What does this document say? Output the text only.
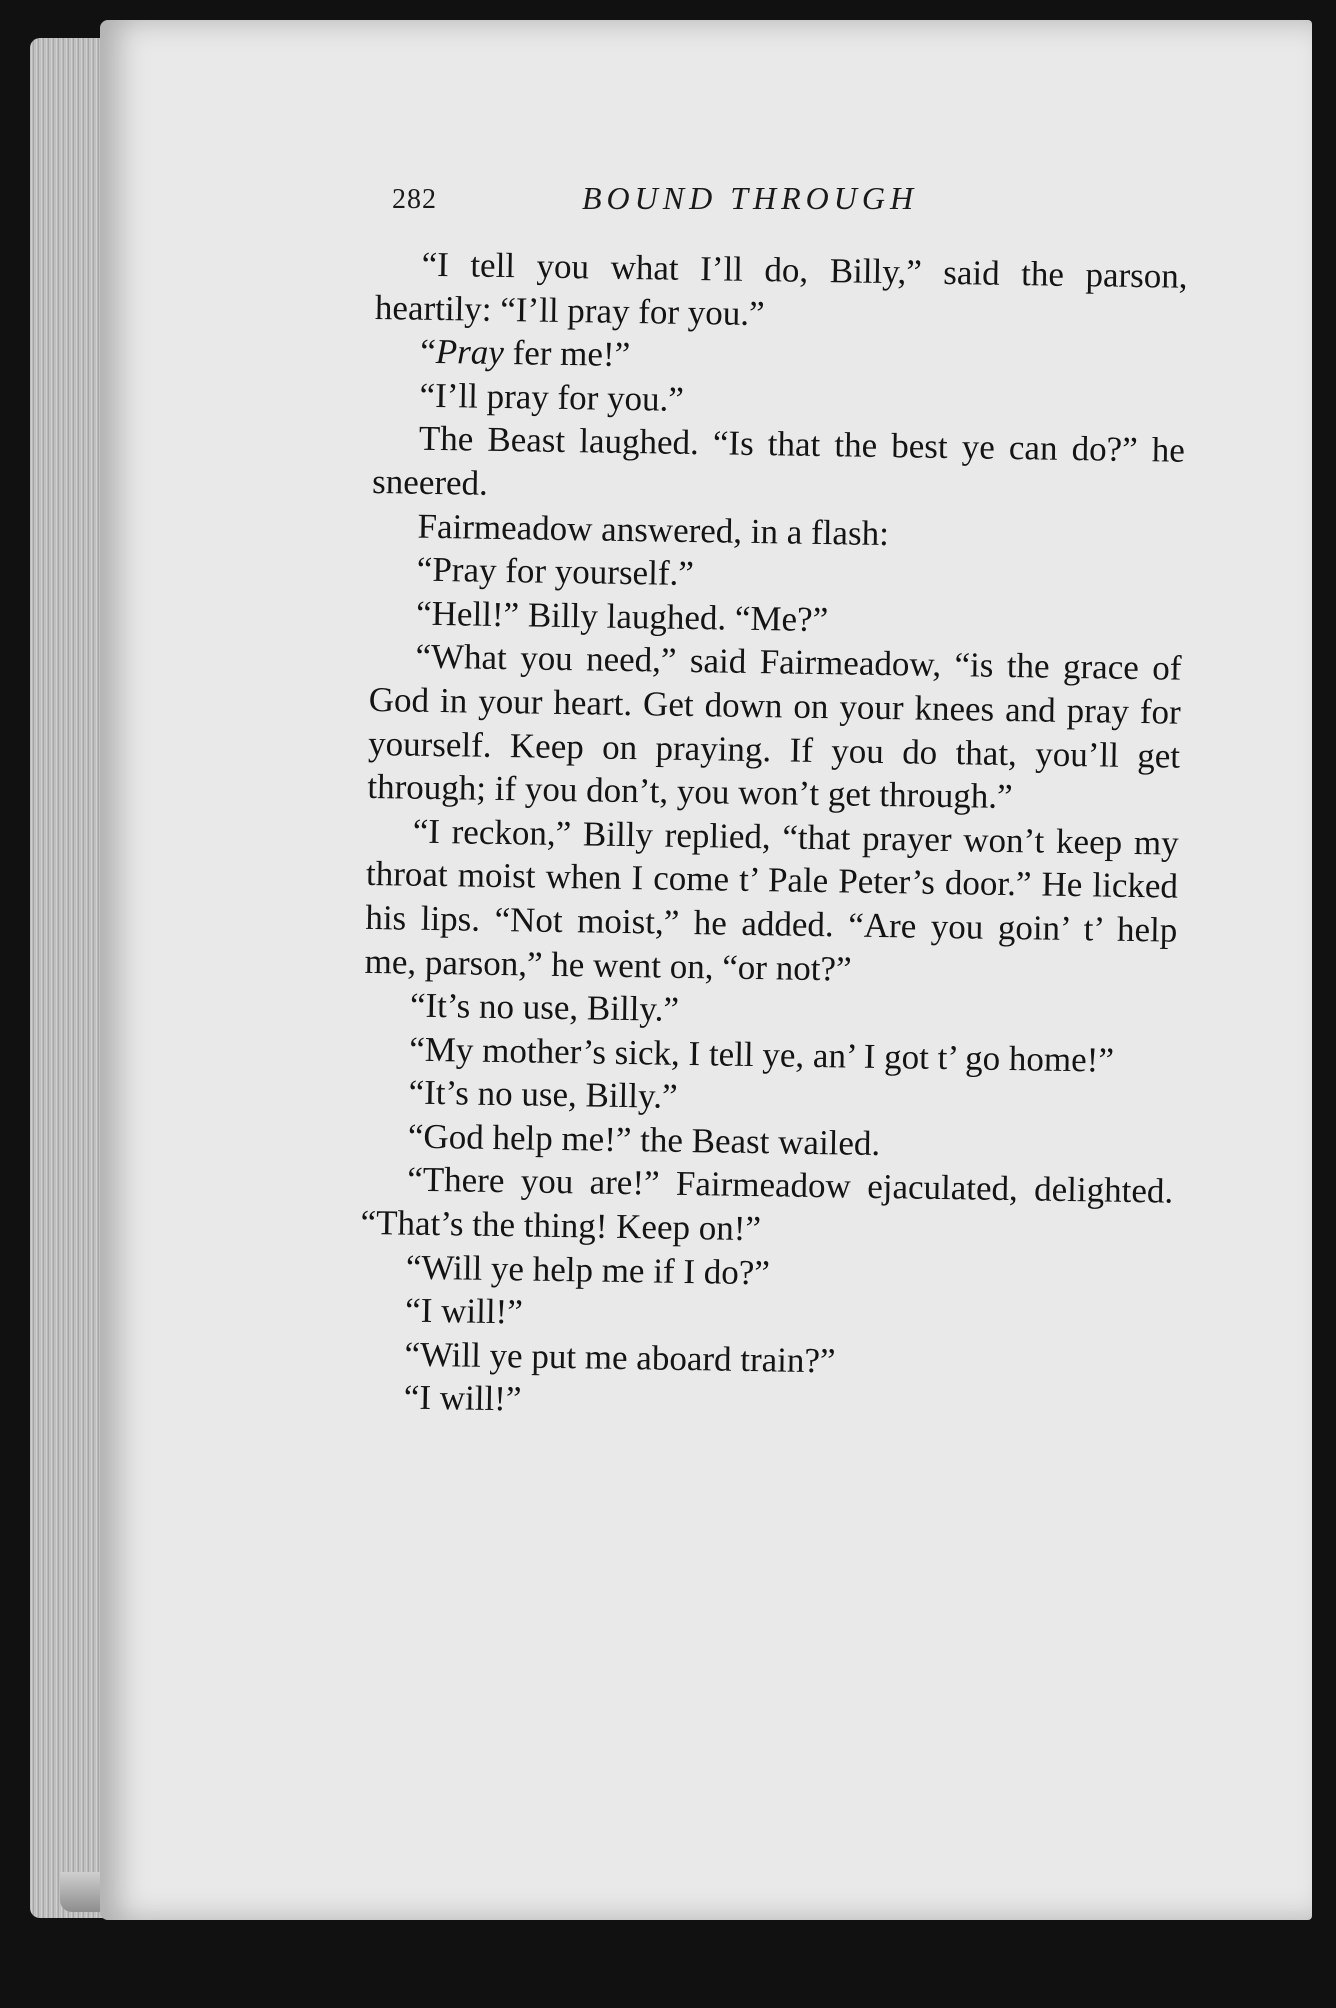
282	BOUND THROUGH

“I tell you what I’ll do, Billy,” said the parson, heartily: “I’ll pray for you.”

“Pray fer me!”

“I’ll pray for you.”

The Beast laughed. “Is that the best ye can do?” he sneered.

Fairmeadow answered, in a flash:

“Pray for yourself.”

“Hell!” Billy laughed. “Me?”

“What you need,” said Fairmeadow, “is the grace of God in your heart. Get down on your knees and pray for yourself. Keep on praying. If you do that, you’ll get through; if you don’t, you won’t get through.”

“I reckon,” Billy replied, “that prayer won’t keep my throat moist when I come t’ Pale Peter’s door.” He licked his lips. “Not moist,” he added. “Are you goin’ t’ help me, parson,” he went on, “or not?”

“It’s no use, Billy.”

“My mother’s sick, I tell ye, an’ I got t’ go home!”

“It’s no use, Billy.”

“God help me!” the Beast wailed.

“There you are!” Fairmeadow ejaculated, delighted. “That’s the thing! Keep on!”

“Will ye help me if I do?”

“I will!”

“Will ye put me aboard train?”

“I will!”
